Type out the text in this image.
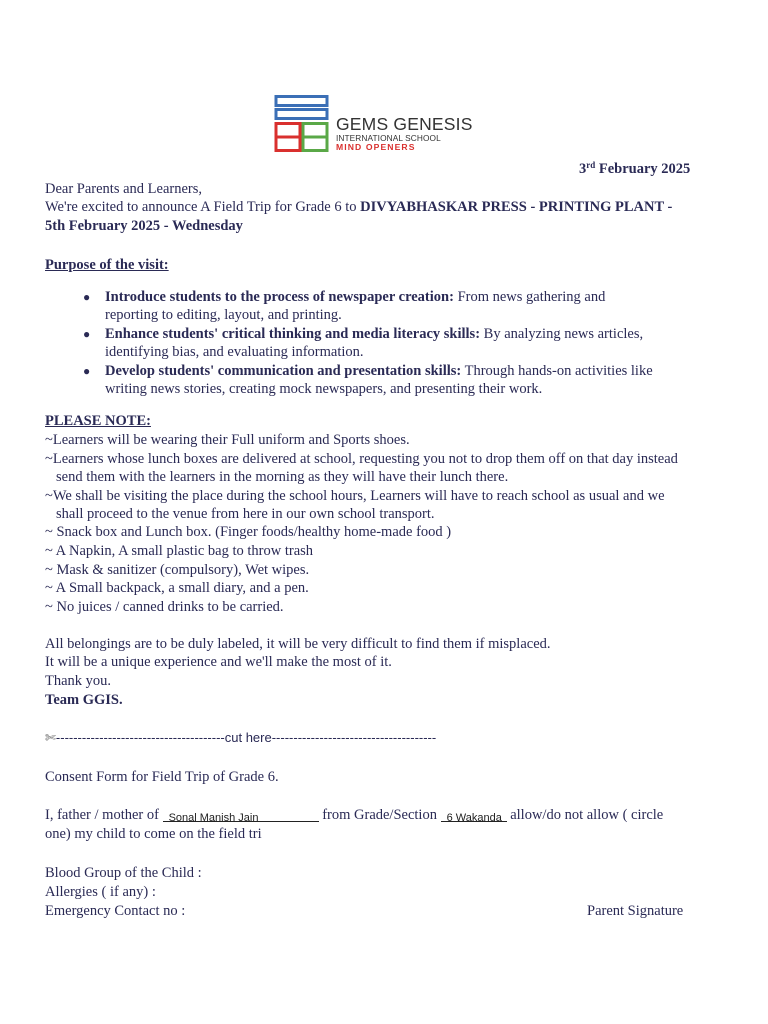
GEMS GENESIS
INTERNATIONAL SCHOOL
MIND OPENERS
3rd February 2025
Dear Parents and Learners,
We're excited to announce A Field Trip for Grade 6 to DIVYABHASKAR PRESS - PRINTING PLANT -
5th February 2025 - Wednesday
Purpose of the visit:
● Introduce students to the process of newspaper creation: From news gathering and
reporting to editing, layout, and printing.
● Enhance students' critical thinking and media literacy skills: By analyzing news articles,
identifying bias, and evaluating information.
● Develop students' communication and presentation skills: Through hands-on activities like
writing news stories, creating mock newspapers, and presenting their work.
PLEASE NOTE:
~Learners will be wearing their Full uniform and Sports shoes.
~Learners whose lunch boxes are delivered at school, requesting you not to drop them off on that day instead
send them with the learners in the morning as they will have their lunch there.
~We shall be visiting the place during the school hours, Learners will have to reach school as usual and we
shall proceed to the venue from here in our own school transport.
~ Snack box and Lunch box. (Finger foods/healthy home-made food )
~ A Napkin, A small plastic bag to throw trash
~ Mask & sanitizer (compulsory), Wet wipes.
~ A Small backpack, a small diary, and a pen.
~ No juices / canned drinks to be carried.
All belongings are to be duly labeled, it will be very difficult to find them if misplaced.
It will be a unique experience and we'll make the most of it.
Thank you.
Team GGIS.
✄---------------------------------------cut here--------------------------------------
Consent Form for Field Trip of Grade 6.
I, father / mother of Sonal Manish Jain	from Grade/Section 6 Wakanda allow/do not allow ( circle
one) my child to come on the field tri
Blood Group of the Child :
Allergies ( if any) :
Emergency Contact no :	Parent Signature
